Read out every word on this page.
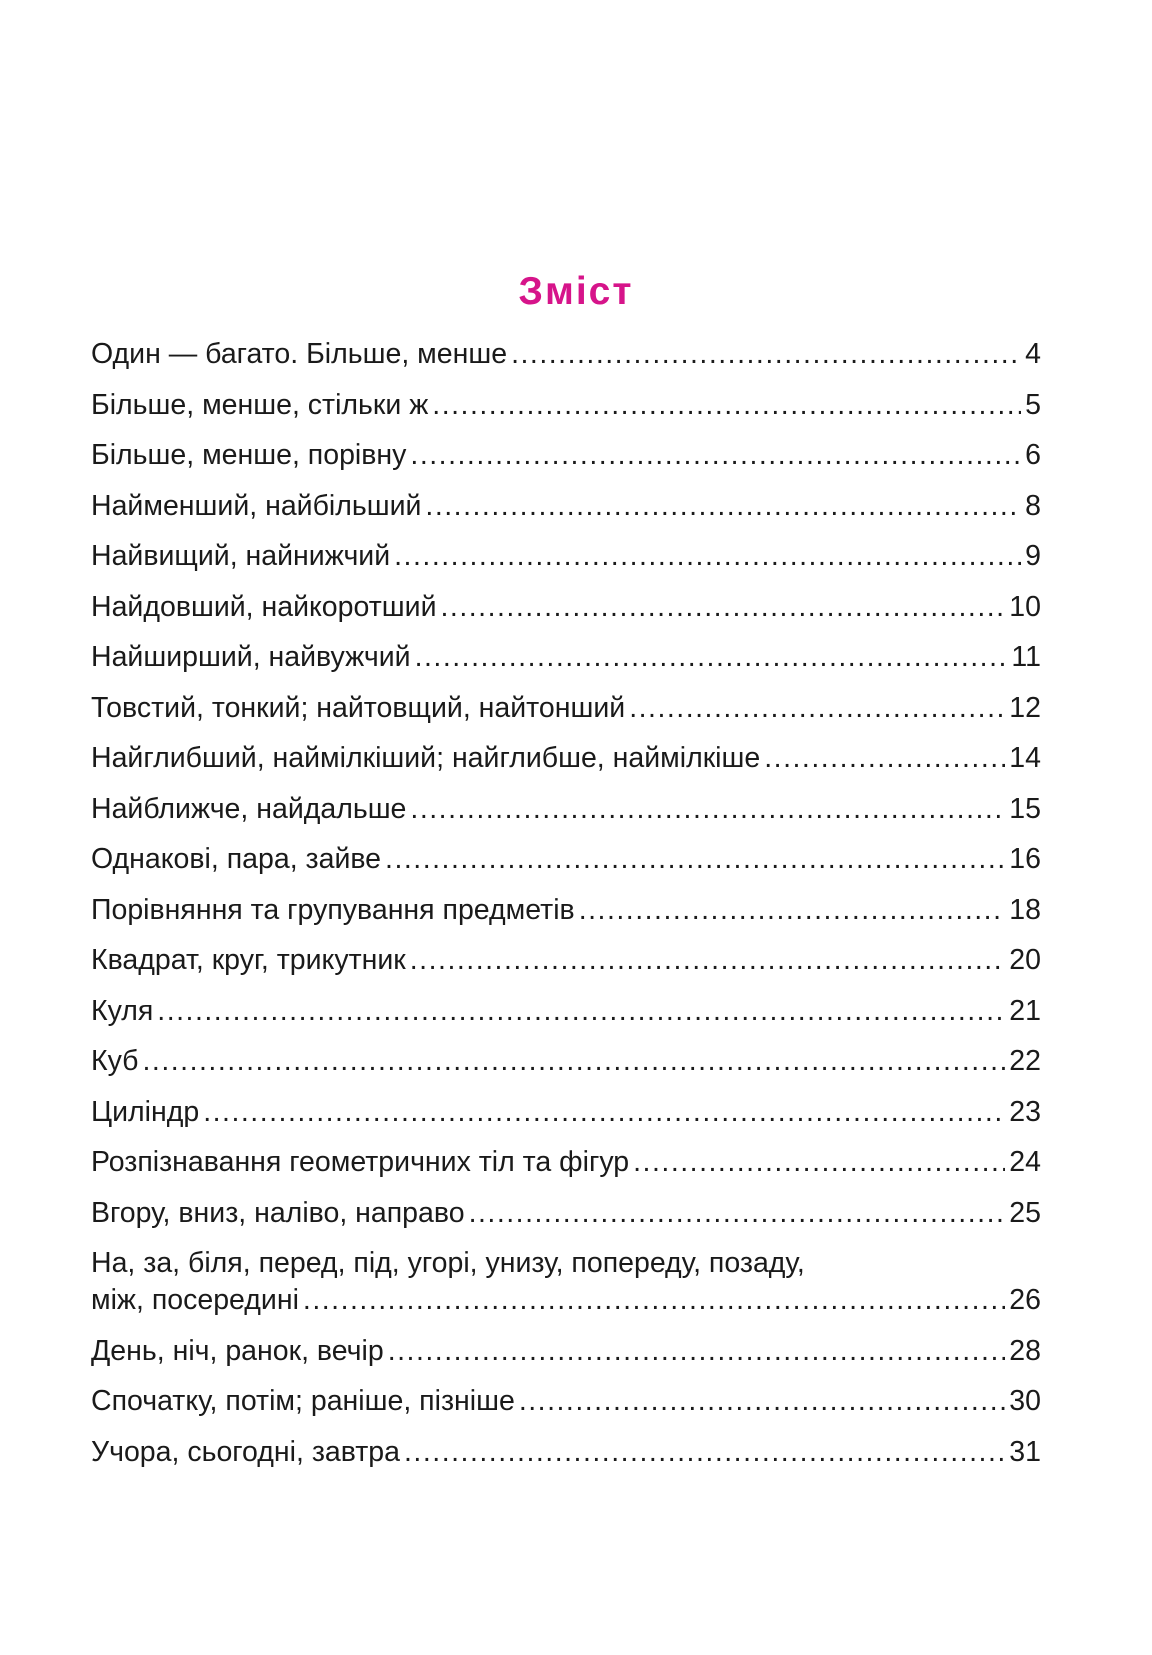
Зміст
Один — багато. Більше, менше .....	4
Більше, менше, стільки ж .....	5
Більше, менше, порівну .....	6
Найменший, найбільший .....	8
Найвищий, найнижчий .....	9
Найдовший, найкоротший .....	10
Найширший, найвужчий .....	11
Товстий, тонкий; найтовщий, найтонший .....	12
Найглибший, наймілкіший; найглибше, наймілкіше .....	14
Найближче, найдальше .....	15
Однакові, пара, зайве .....	16
Порівняння та групування предметів .....	18
Квадрат, круг, трикутник .....	20
Куля .....	21
Куб .....	22
Циліндр .....	23
Розпізнавання геометричних тіл та фігур .....	24
Вгору, вниз, наліво, направо .....	25
На, за, біля, перед, під, угорі, унизу, попереду, позаду,
між, посередині .....	26
День, ніч, ранок, вечір .....	28
Спочатку, потім; раніше, пізніше .....	30
Учора, сьогодні, завтра .....	31
